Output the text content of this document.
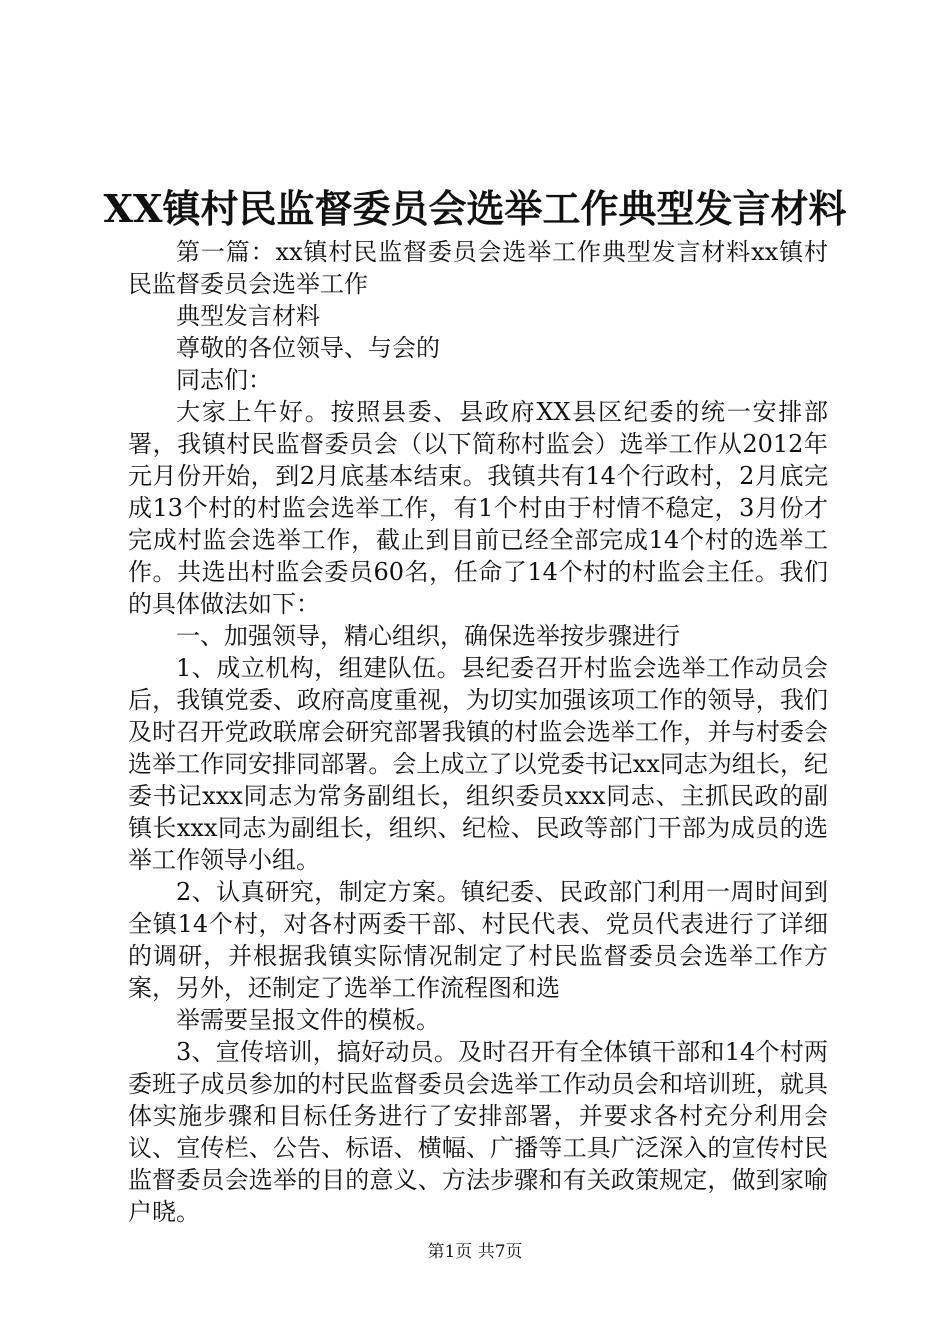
XX镇村民监督委员会选举工作典型发言材料

第一篇：xx镇村民监督委员会选举工作典型发言材料xx镇村民监督委员会选举工作

典型发言材料

尊敬的各位领导、与会的

同志们：

大家上午好。按照县委、县政府XX县区纪委的统一安排部署，我镇村民监督委员会（以下简称村监会）选举工作从2012年元月份开始，到2月底基本结束。我镇共有14个行政村，2月底完成13个村的村监会选举工作，有1个村由于村情不稳定，3月份才完成村监会选举工作，截止到目前已经全部完成14个村的选举工作。共选出村监会委员60名，任命了14个村的村监会主任。我们的具体做法如下：

一、加强领导，精心组织，确保选举按步骤进行

1、成立机构，组建队伍。县纪委召开村监会选举工作动员会后，我镇党委、政府高度重视，为切实加强该项工作的领导，我们及时召开党政联席会研究部署我镇的村监会选举工作，并与村委会选举工作同安排同部署。会上成立了以党委书记xx同志为组长，纪委书记xxx同志为常务副组长，组织委员xxx同志、主抓民政的副镇长xxx同志为副组长，组织、纪检、民政等部门干部为成员的选举工作领导小组。

2、认真研究，制定方案。镇纪委、民政部门利用一周时间到全镇14个村，对各村两委干部、村民代表、党员代表进行了详细的调研，并根据我镇实际情况制定了村民监督委员会选举工作方案，另外，还制定了选举工作流程图和选

举需要呈报文件的模板。

3、宣传培训，搞好动员。及时召开有全体镇干部和14个村两委班子成员参加的村民监督委员会选举工作动员会和培训班，就具体实施步骤和目标任务进行了安排部署，并要求各村充分利用会议、宣传栏、公告、标语、横幅、广播等工具广泛深入的宣传村民监督委员会选举的目的意义、方法步骤和有关政策规定，做到家喻户晓。

第1页 共7页
